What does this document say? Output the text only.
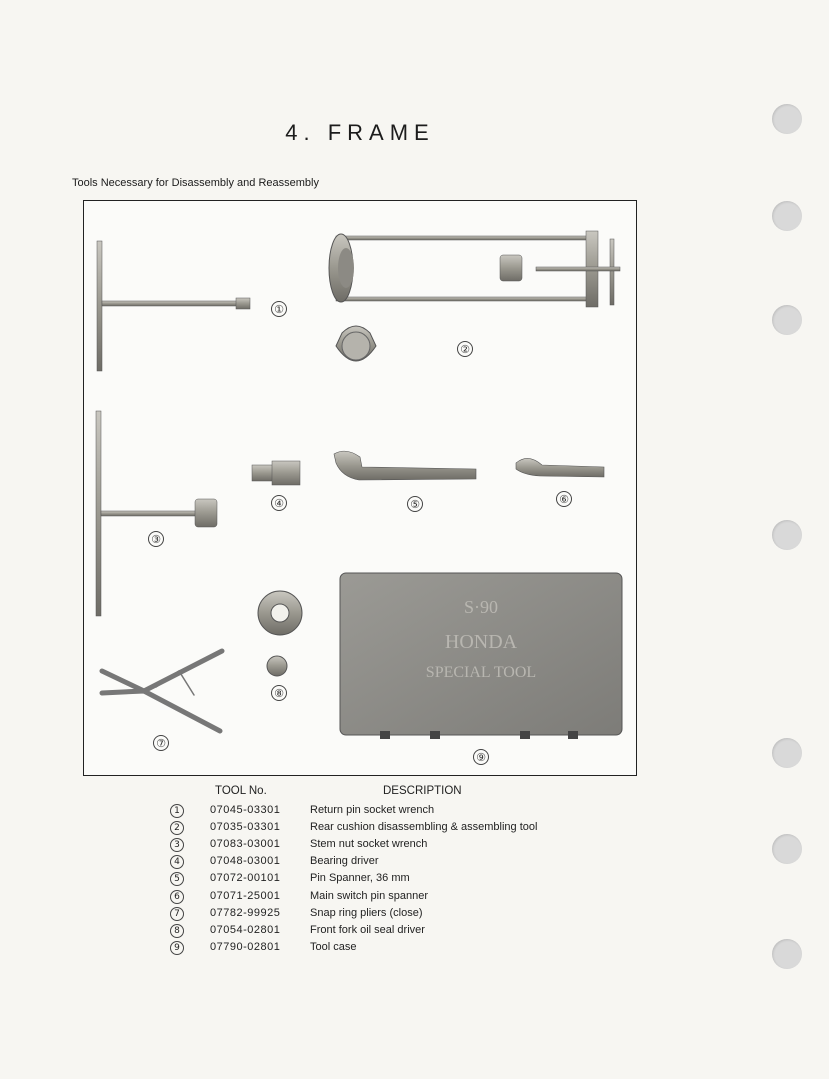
4. FRAME
Tools Necessary for Disassembly and Reassembly
S·90
HONDA
SPECIAL TOOL
①
②
③
④	⑤	⑥
⑦
⑧
⑨
TOOL No.	DESCRIPTION
1	07045-03301	Return pin socket wrench
2	07035-03301	Rear cushion disassembling & assembling tool
3	07083-03001	Stem nut socket wrench
4	07048-03001	Bearing driver
5	07072-00101	Pin Spanner, 36 mm
6	07071-25001	Main switch pin spanner
7	07782-99925	Snap ring pliers (close)
8	07054-02801	Front fork oil seal driver
9	07790-02801	Tool case
